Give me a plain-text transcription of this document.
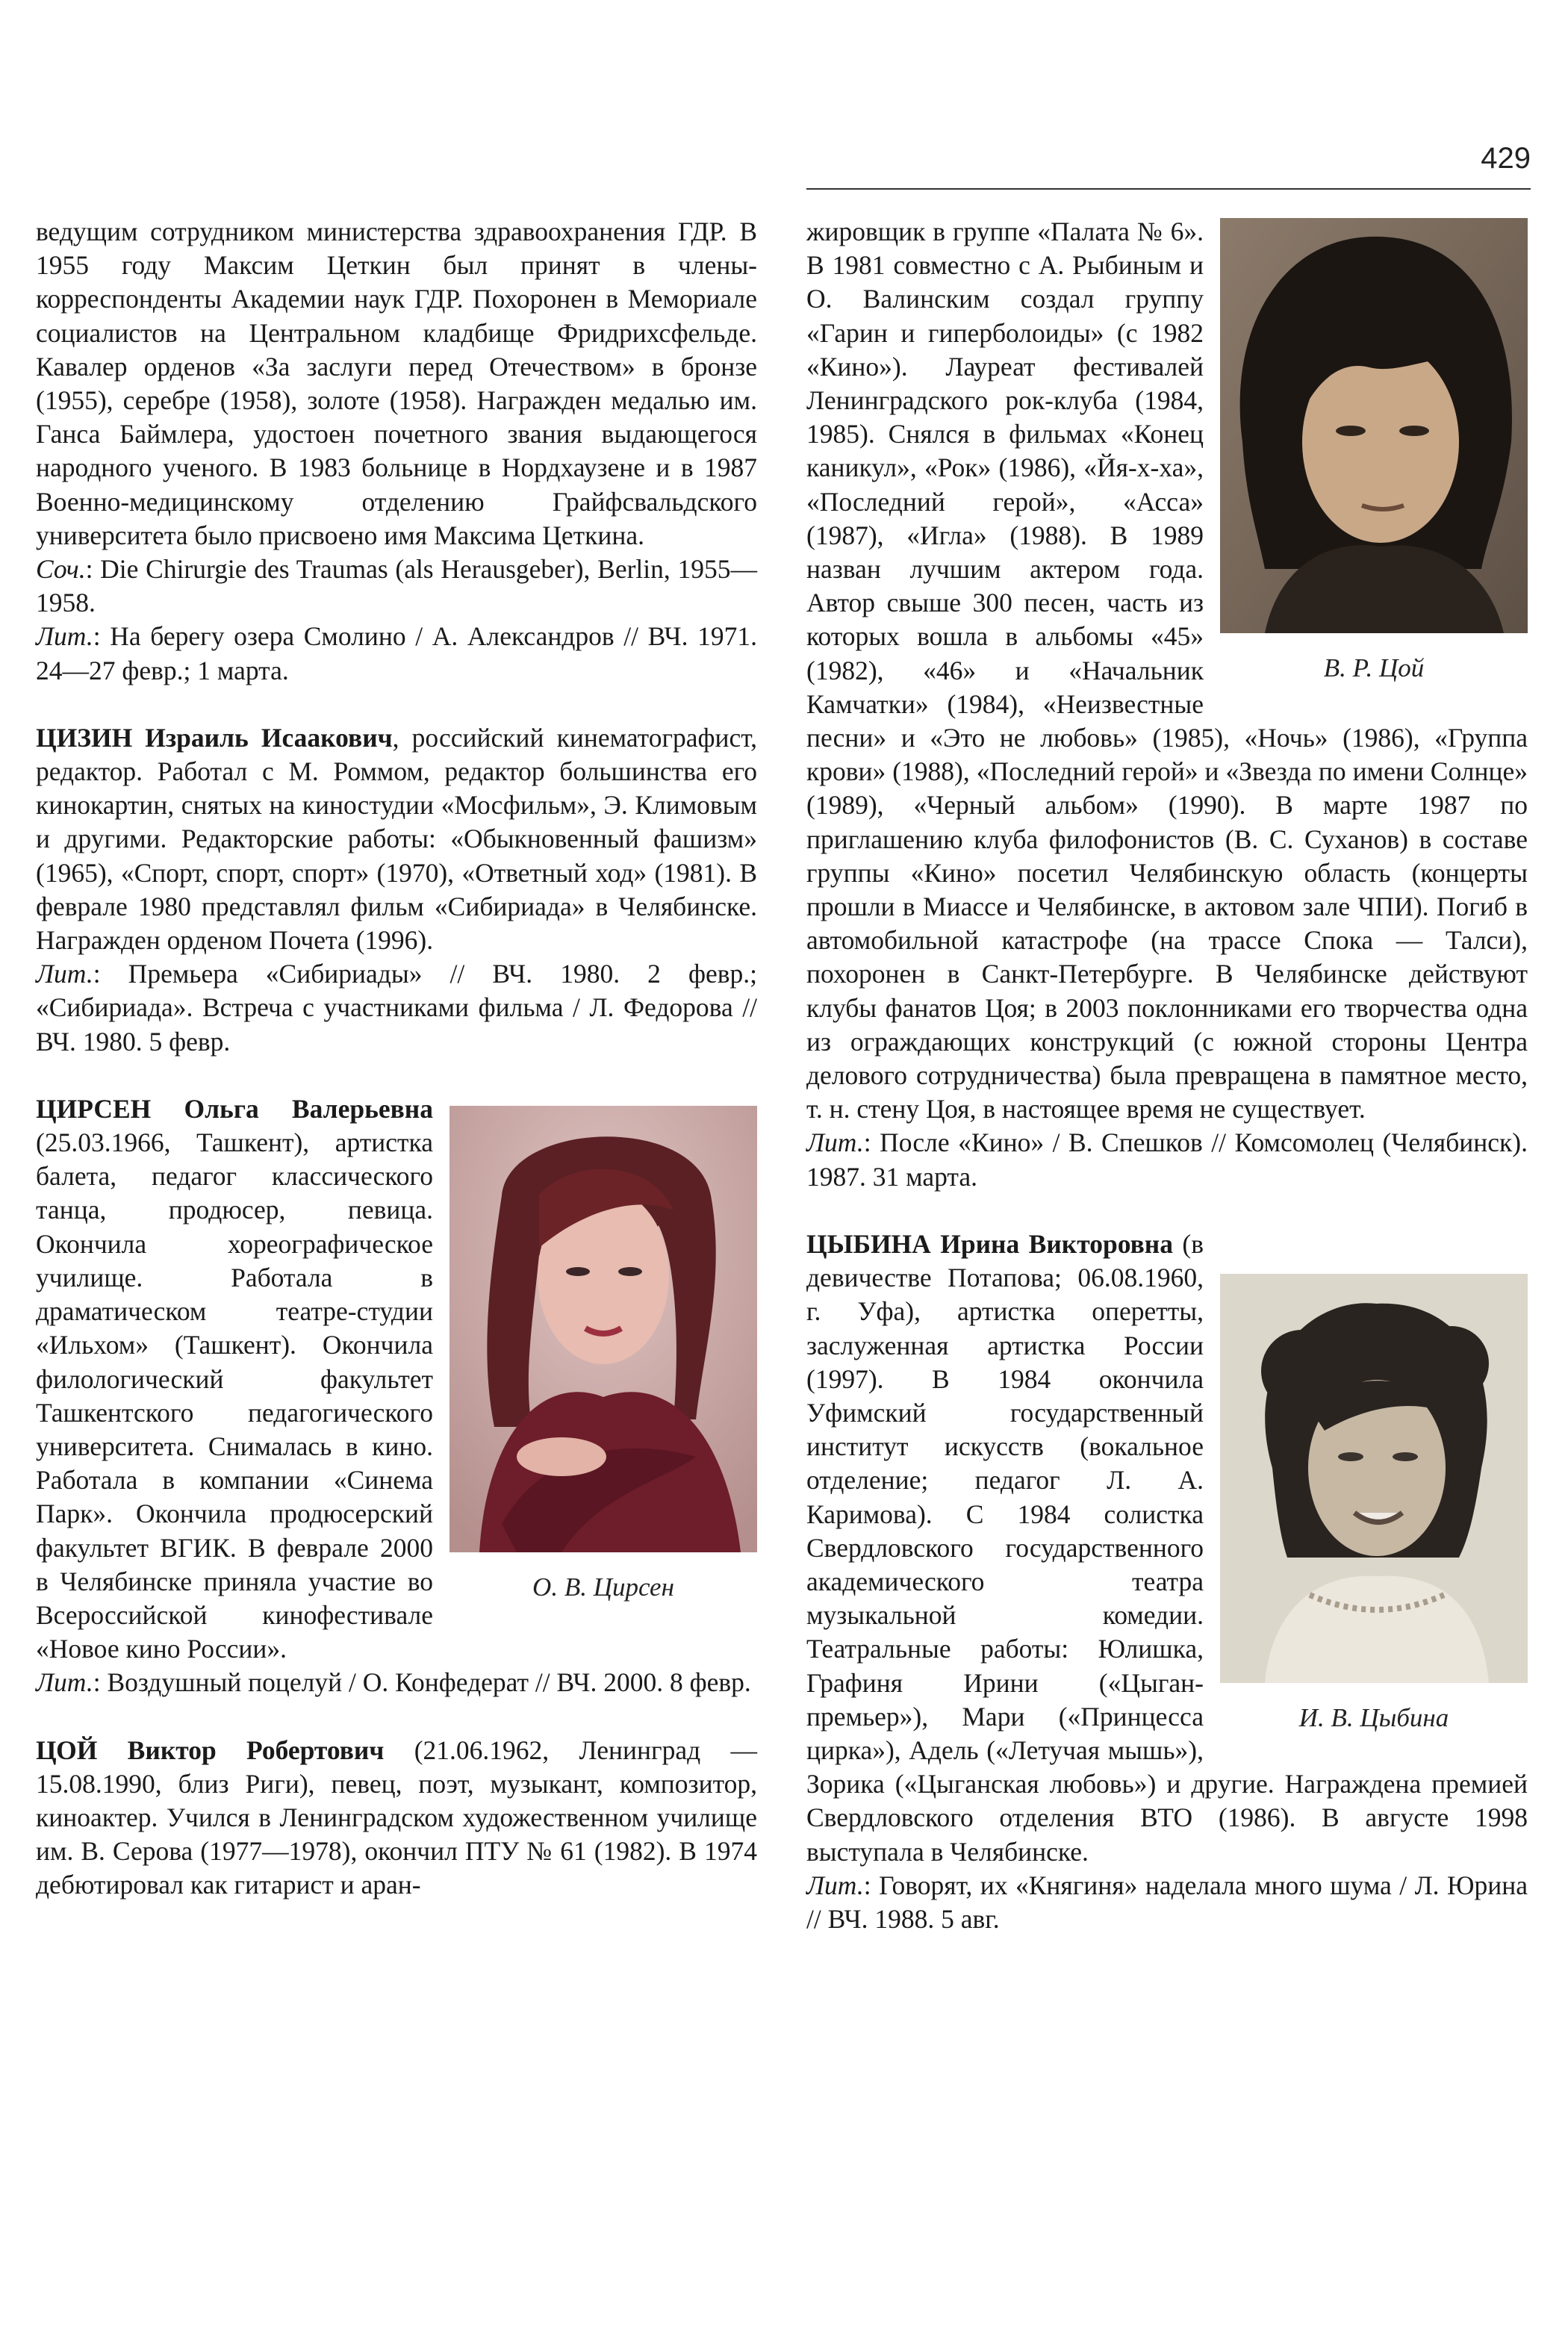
429

ведущим сотрудником министерства здравоохранения ГДР. В 1955 году Максим Цеткин был принят в члены-корреспонденты Академии наук ГДР. Похоронен в Мемориале социалистов на Центральном кладбище Фридрихсфельде. Кавалер орденов «За заслуги перед Отечеством» в бронзе (1955), серебре (1958), золоте (1958). Награжден медалью им. Ганса Баймлера, удостоен почетного звания выдающегося народного ученого. В 1983 больнице в Нордхаузене и в 1987 Военно-медицинскому отделению Грайфсвальдского университета было присвоено имя Максима Цеткина.

Соч.: Die Chirurgie des Traumas (als Herausgeber), Berlin, 1955—1958.

Лит.: На берегу озера Смолино / А. Александров // ВЧ. 1971. 24—27 февр.; 1 марта.

ЦИЗИН Израиль Исаакович, российский кинематографист, редактор. Работал с М. Роммом, редактор большинства его кинокартин, снятых на киностудии «Мосфильм», Э. Климовым и другими. Редакторские работы: «Обыкновенный фашизм» (1965), «Спорт, спорт, спорт» (1970), «Ответный ход» (1981). В феврале 1980 представлял фильм «Сибириада» в Челябинске. Награжден орденом Почета (1996).

Лит.: Премьера «Сибириады» // ВЧ. 1980. 2 февр.; «Сибириада». Встреча с участниками фильма / Л. Федорова // ВЧ. 1980. 5 февр.

О. В. Цирсен
ЦИРСЕН Ольга Валерьевна (25.03.1966, Ташкент), артистка балета, педагог классического танца, продюсер, певица. Окончила хореографическое училище. Работала в драматическом театре-студии «Ильхом» (Ташкент). Окончила филологический факультет Ташкентского педагогического университета. Снималась в кино. Работала в компании «Синема Парк». Окончила продюсерский факультет ВГИК. В феврале 2000 в Челябинске приняла участие во Всероссийской кинофестивале «Новое кино России».

Лит.: Воздушный поцелуй / О. Конфедерат // ВЧ. 2000. 8 февр.

ЦОЙ Виктор Робертович (21.06.1962, Ленинград — 15.08.1990, близ Риги), певец, поэт, музыкант, композитор, киноактер. Учился в Ленинградском художественном училище им. В. Серова (1977—1978), окончил ПТУ № 61 (1982). В 1974 дебютировал как гитарист и аран-

В. Р. Цой
жировщик в группе «Палата № 6». В 1981 совместно с А. Рыбиным и О. Валинским создал группу «Гарин и гиперболоиды» (с 1982 «Кино»). Лауреат фестивалей Ленинградского рок-клуба (1984, 1985). Снялся в фильмах «Конец каникул», «Рок» (1986), «Йя-х-ха», «Последний герой», «Асса» (1987), «Игла» (1988). В 1989 назван лучшим актером года. Автор свыше 300 песен, часть из которых вошла в альбомы «45» (1982), «46» и «Начальник Камчатки» (1984), «Неизвестные песни» и «Это не любовь» (1985), «Ночь» (1986), «Группа крови» (1988), «Последний герой» и «Звезда по имени Солнце» (1989), «Черный альбом» (1990). В марте 1987 по приглашению клуба филофонистов (В. С. Суханов) в составе группы «Кино» посетил Челябинскую область (концерты прошли в Миассе и Челябинске, в актовом зале ЧПИ). Погиб в автомобильной катастрофе (на трассе Спока — Талси), похоронен в Санкт-Петербурге. В Челябинске действуют клубы фанатов Цоя; в 2003 поклонниками его творчества одна из ограждающих конструкций (с южной стороны Центра делового сотрудничества) была превращена в памятное место, т. н. стену Цоя, в настоящее время не существует.

Лит.: После «Кино» / В. Спешков // Комсомолец (Челябинск). 1987. 31 марта.

И. В. Цыбина
ЦЫБИНА Ирина Викторовна (в девичестве Потапова; 06.08.1960, г. Уфа), артистка оперетты, заслуженная артистка России (1997). В 1984 окончила Уфимский государственный институт искусств (вокальное отделение; педагог Л. А. Каримова). С 1984 солистка Свердловского государственного академического театра музыкальной комедии. Театральные работы: Юлишка, Графиня Ирини («Цыган-премьер»), Мари («Принцесса цирка»), Адель («Летучая мышь»), Зорика («Цыганская любовь») и другие. Награждена премией Свердловского отделения ВТО (1986). В августе 1998 выступала в Челябинске.

Лит.: Говорят, их «Княгиня» наделала много шума / Л. Юрина // ВЧ. 1988. 5 авг.
